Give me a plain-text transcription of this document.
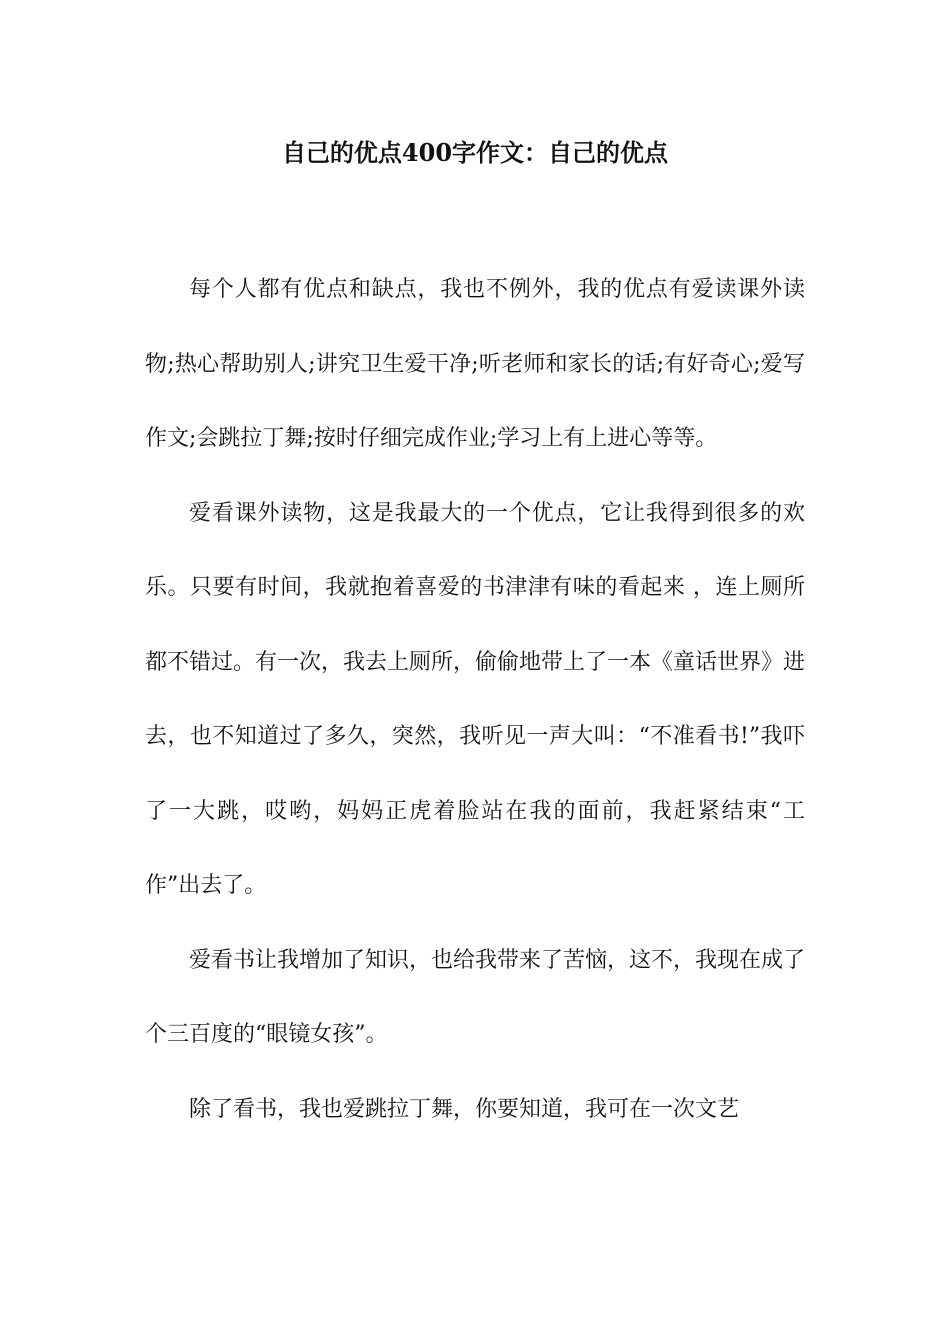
自己的优点400字作文：自己的优点

每个人都有优点和缺点，我也不例外，我的优点有爱读课外读物;热心帮助别人;讲究卫生爱干净;听老师和家长的话;有好奇心;爱写作文;会跳拉丁舞;按时仔细完成作业;学习上有上进心等等。

爱看课外读物，这是我最大的一个优点，它让我得到很多的欢乐。只要有时间，我就抱着喜爱的书津津有味的看起来 ，连上厕所都不错过。有一次，我去上厕所，偷偷地带上了一本《童话世界》进去，也不知道过了多久，突然，我听见一声大叫：“不准看书!”我吓了一大跳，哎哟，妈妈正虎着脸站在我的面前，我赶紧结束“工作”出去了。

爱看书让我增加了知识，也给我带来了苦恼，这不，我现在成了个三百度的“眼镜女孩”。

除了看书，我也爱跳拉丁舞，你要知道，我可在一次文艺
